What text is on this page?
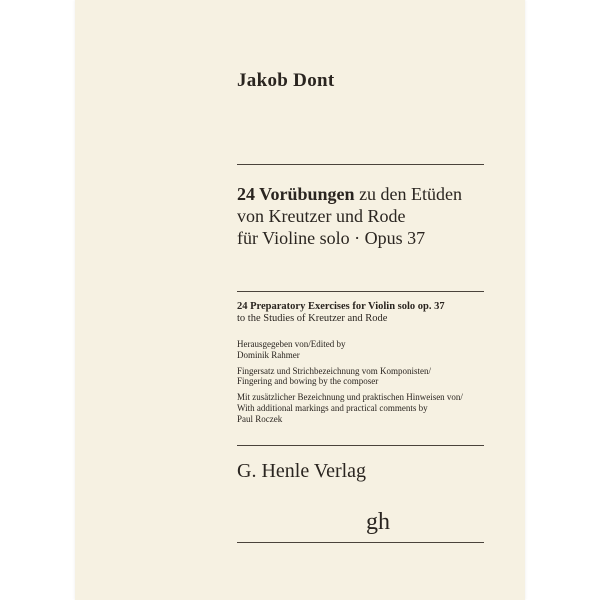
Jakob Dont
24 Vorübungen zu den Etüden
von Kreutzer und Rode
für Violine solo · Opus 37
24 Preparatory Exercises for Violin solo op. 37
to the Studies of Kreutzer and Rode
Herausgegeben von/Edited by
Dominik Rahmer
Fingersatz und Strichbezeichnung vom Komponisten/
Fingering and bowing by the composer
Mit zusätzlicher Bezeichnung und praktischen Hinweisen von/
With additional markings and practical comments by
Paul Roczek
G. Henle Verlag
gh
